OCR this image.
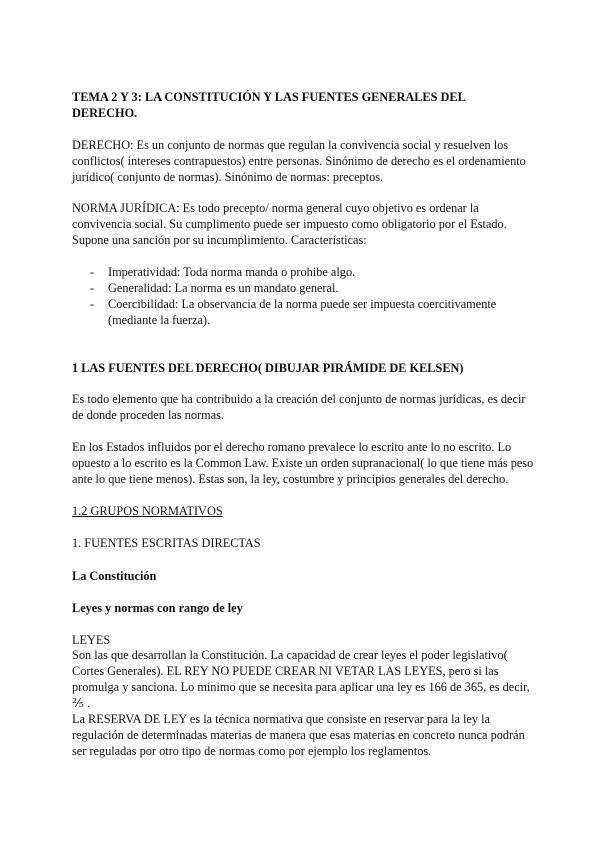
TEMA 2 Y 3: LA CONSTITUCIÓN Y LAS FUENTES GENERALES DEL
DERECHO.
DERECHO: Es un conjunto de normas que regulan la convivencia social y resuelven los
conflictos( intereses contrapuestos) entre personas. Sinónimo de derecho es el ordenamiento
jurídico( conjunto de normas). Sinónimo de normas: preceptos.
NORMA JURÍDICA: Es todo precepto/ norma general cuyo objetivo es ordenar la
convivencia social. Su cumplimento puede ser impuesto como obligatorio por el Estado.
Supone una sanción por su incumplimiento. Características:
- Imperatividad: Toda norma manda o prohibe algo.
- Generalidad: La norma es un mandato general.
- Coercibilidad: La observancia de la norma puede ser impuesta coercitivamente
(mediante la fuerza).
1 LAS FUENTES DEL DERECHO( DIBUJAR PIRÁMIDE DE KELSEN)
Es todo elemento que ha contribuido a la creación del conjunto de normas jurídicas, es decir
de donde proceden las normas.
En los Estados influidos por el derecho romano prevalece lo escrito ante lo no escrito. Lo
opuesto a lo escrito es la Common Law. Existe un orden supranacional( lo que tiene más peso
ante lo que tiene menos). Estas son, la ley, costumbre y principios generales del derecho.
1.2 GRUPOS NORMATIVOS
1. FUENTES ESCRITAS DIRECTAS
La Constitución
Leyes y normas con rango de ley
LEYES
Son las que desarrollan la Constitución. La capacidad de crear leyes el poder legislativo(
Cortes Generales). EL REY NO PUEDE CREAR NI VETAR LAS LEYES, pero si las
promulga y sanciona. Lo mínimo que se necesita para aplicar una ley es 166 de 365, es decir,
⅖ .
La RESERVA DE LEY es la técnica normativa que consiste en reservar para la ley la
regulación de determinadas materias de manera que esas materias en concreto nunca podrán
ser reguladas por otro tipo de normas como por ejemplo los reglamentos.
